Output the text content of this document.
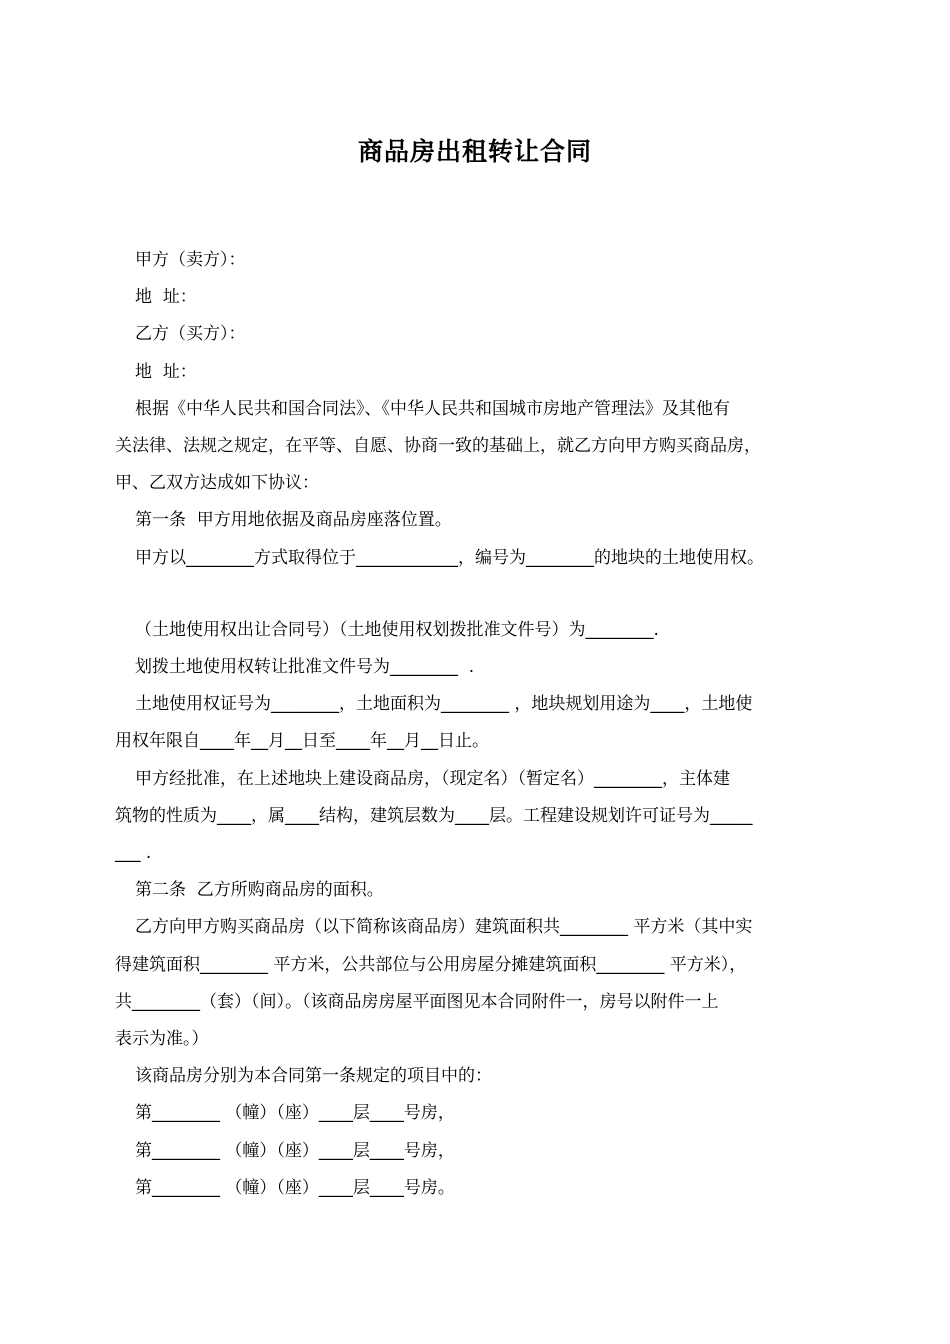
商品房出租转让合同

甲方（卖方）：

地  址：

乙方（买方）：

地  址：

根据《中华人民共和国合同法》、《中华人民共和国城市房地产管理法》及其他有

关法律、法规之规定，在平等、自愿、协商一致的基础上，就乙方向甲方购买商品房，

甲、乙双方达成如下协议：

第一条  甲方用地依据及商品房座落位置。

甲方以________方式取得位于____________，编号为________的地块的土地使用权。

（土地使用权出让合同号）（土地使用权划拨批准文件号）为________.

划拨土地使用权转让批准文件号为________  .

土地使用权证号为________，土地面积为________ ，地块规划用途为____，土地使

用权年限自____年__月__日至____年__月__日止。

甲方经批准，在上述地块上建设商品房，（现定名）（暂定名）________，主体建

筑物的性质为____，属____结构，建筑层数为____层。工程建设规划许可证号为_____

___ .

第二条  乙方所购商品房的面积。

乙方向甲方购买商品房（以下简称该商品房）建筑面积共________ 平方米（其中实

得建筑面积________ 平方米，公共部位与公用房屋分摊建筑面积________ 平方米），

共________（套）（间）。（该商品房房屋平面图见本合同附件一，房号以附件一上

表示为准。）

该商品房分别为本合同第一条规定的项目中的：

第________ （幢）（座）____层____号房，

第________ （幢）（座）____层____号房，

第________ （幢）（座）____层____号房。
